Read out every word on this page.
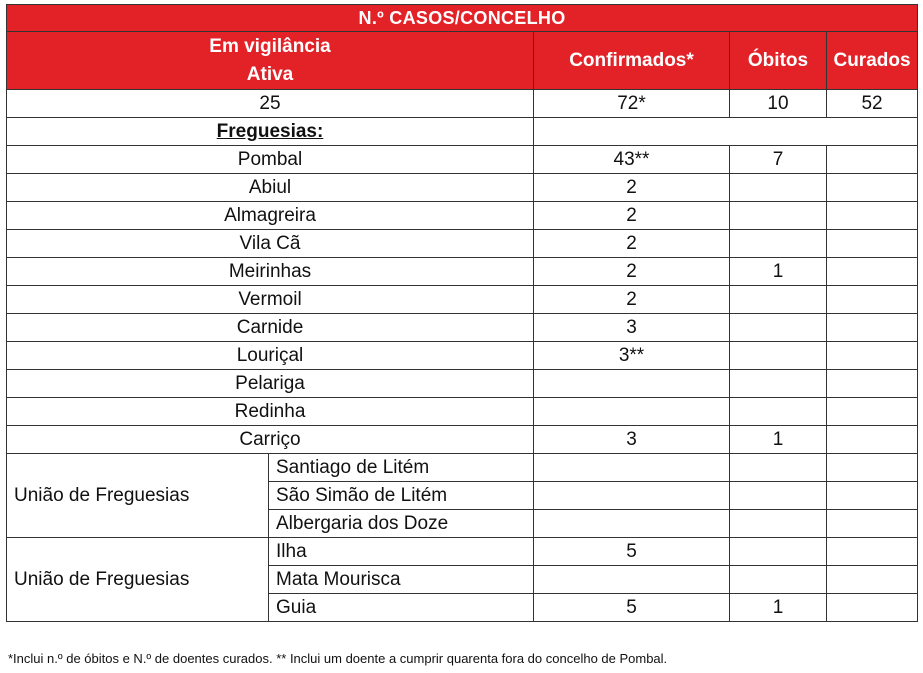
N.º CASOS/CONCELHO				

Em vigilância
Ativa		Confirmados*	Óbitos	Curados
25		72*	10	52
Freguesias:				
Pombal		43**	7	
Abiul		2		
Almagreira		2		
Vila Cã		2		
Meirinhas		2	1	
Vermoil		2		
Carnide		3		
Louriçal		3**		
Pelariga				
Redinha				
Carriço		3	1	
União de Freguesias	Santiago de Litém			
	São Simão de Litém			
	Albergaria dos Doze			
União de Freguesias	Ilha	5		
	Mata Mourisca			
	Guia	5	1	
*Inclui n.º de óbitos e N.º de doentes curados. ** Inclui um doente a cumprir quarenta fora do concelho de Pombal.
